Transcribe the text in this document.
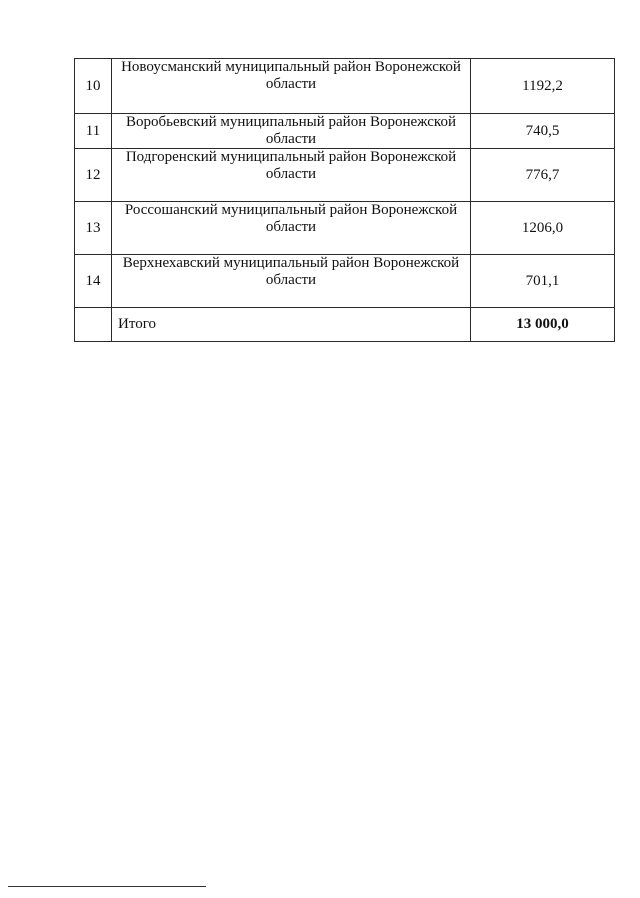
10	Новоусманский муниципальный район Воронежской области	1192,2
11	Воробьевский муниципальный район Воронежской области	740,5
12	Подгоренский муниципальный район Воронежской области	776,7
13	Россошанский муниципальный район Воронежской области	1206,0
14	Верхнехавский муниципальный район Воронежской области	701,1
	Итого	13 000,0
